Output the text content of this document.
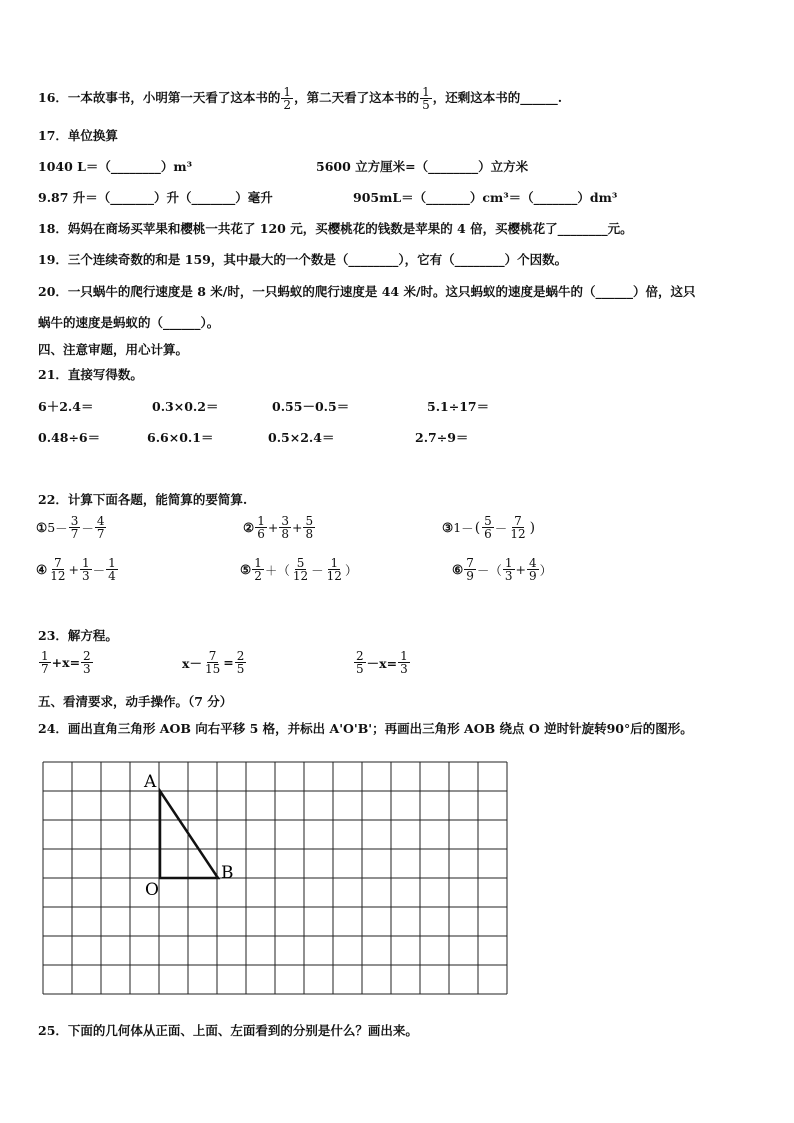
16．一本故事书，小明第一天看了这本书的 $\frac{1}{2}$ ，第二天看了这本书的 $\frac{1}{5}$ ，还剩这本书的______.
17．单位换算
1040 L＝（________）m³	5600 立方厘米=（________）立方米
9.87 升＝（_______）升（_______）毫升	905mL＝（_______）cm³＝（_______）dm³
18．妈妈在商场买苹果和樱桃一共花了 120 元，买樱桃花的钱数是苹果的 4 倍，买樱桃花了________元。
19．三个连续奇数的和是 159，其中最大的一个数是（________），它有（________）个因数。
20．一只蜗牛的爬行速度是 8 米/时，一只蚂蚁的爬行速度是 44 米/时。这只蚂蚁的速度是蜗牛的（______）倍，这只
蜗牛的速度是蚂蚁的（______）。
四、注意审题，用心计算。
21．直接写得数。
6＋2.4＝	0.3×0.2＝	0.55－0.5＝	5.1÷17＝
0.48÷6＝	6.6×0.1＝	0.5×2.4＝	2.7÷9＝
22．计算下面各题，能简算的要简算.
①5－ $\frac{3}{7} - \frac{4}{7}$	② $\frac{1}{6} + \frac{3}{8} + \frac{5}{8}$	③1－( $\frac{5}{6} - \frac{7}{12}$ )
④ $\frac{7}{12} + \frac{1}{3} - \frac{1}{4}$	⑤ $\frac{1}{2}$ ＋（ $\frac{5}{12} - \frac{1}{12}$ ）	⑥ $\frac{7}{9}$ －（ $\frac{1}{3} + \frac{4}{9}$ ）
23．解方程。
$\frac{1}{7} +x= \frac{2}{3}$	$x- \frac{7}{15} = \frac{2}{5}$	$\frac{2}{5} -x= \frac{1}{3}$
五、看清要求，动手操作。（7 分）
24．画出直角三角形 AOB 向右平移 5 格，并标出 A'O'B'；再画出三角形 AOB 绕点 O 逆时针旋转90°后的图形。
A
O
B
25．下面的几何体从正面、上面、左面看到的分别是什么？画出来。
